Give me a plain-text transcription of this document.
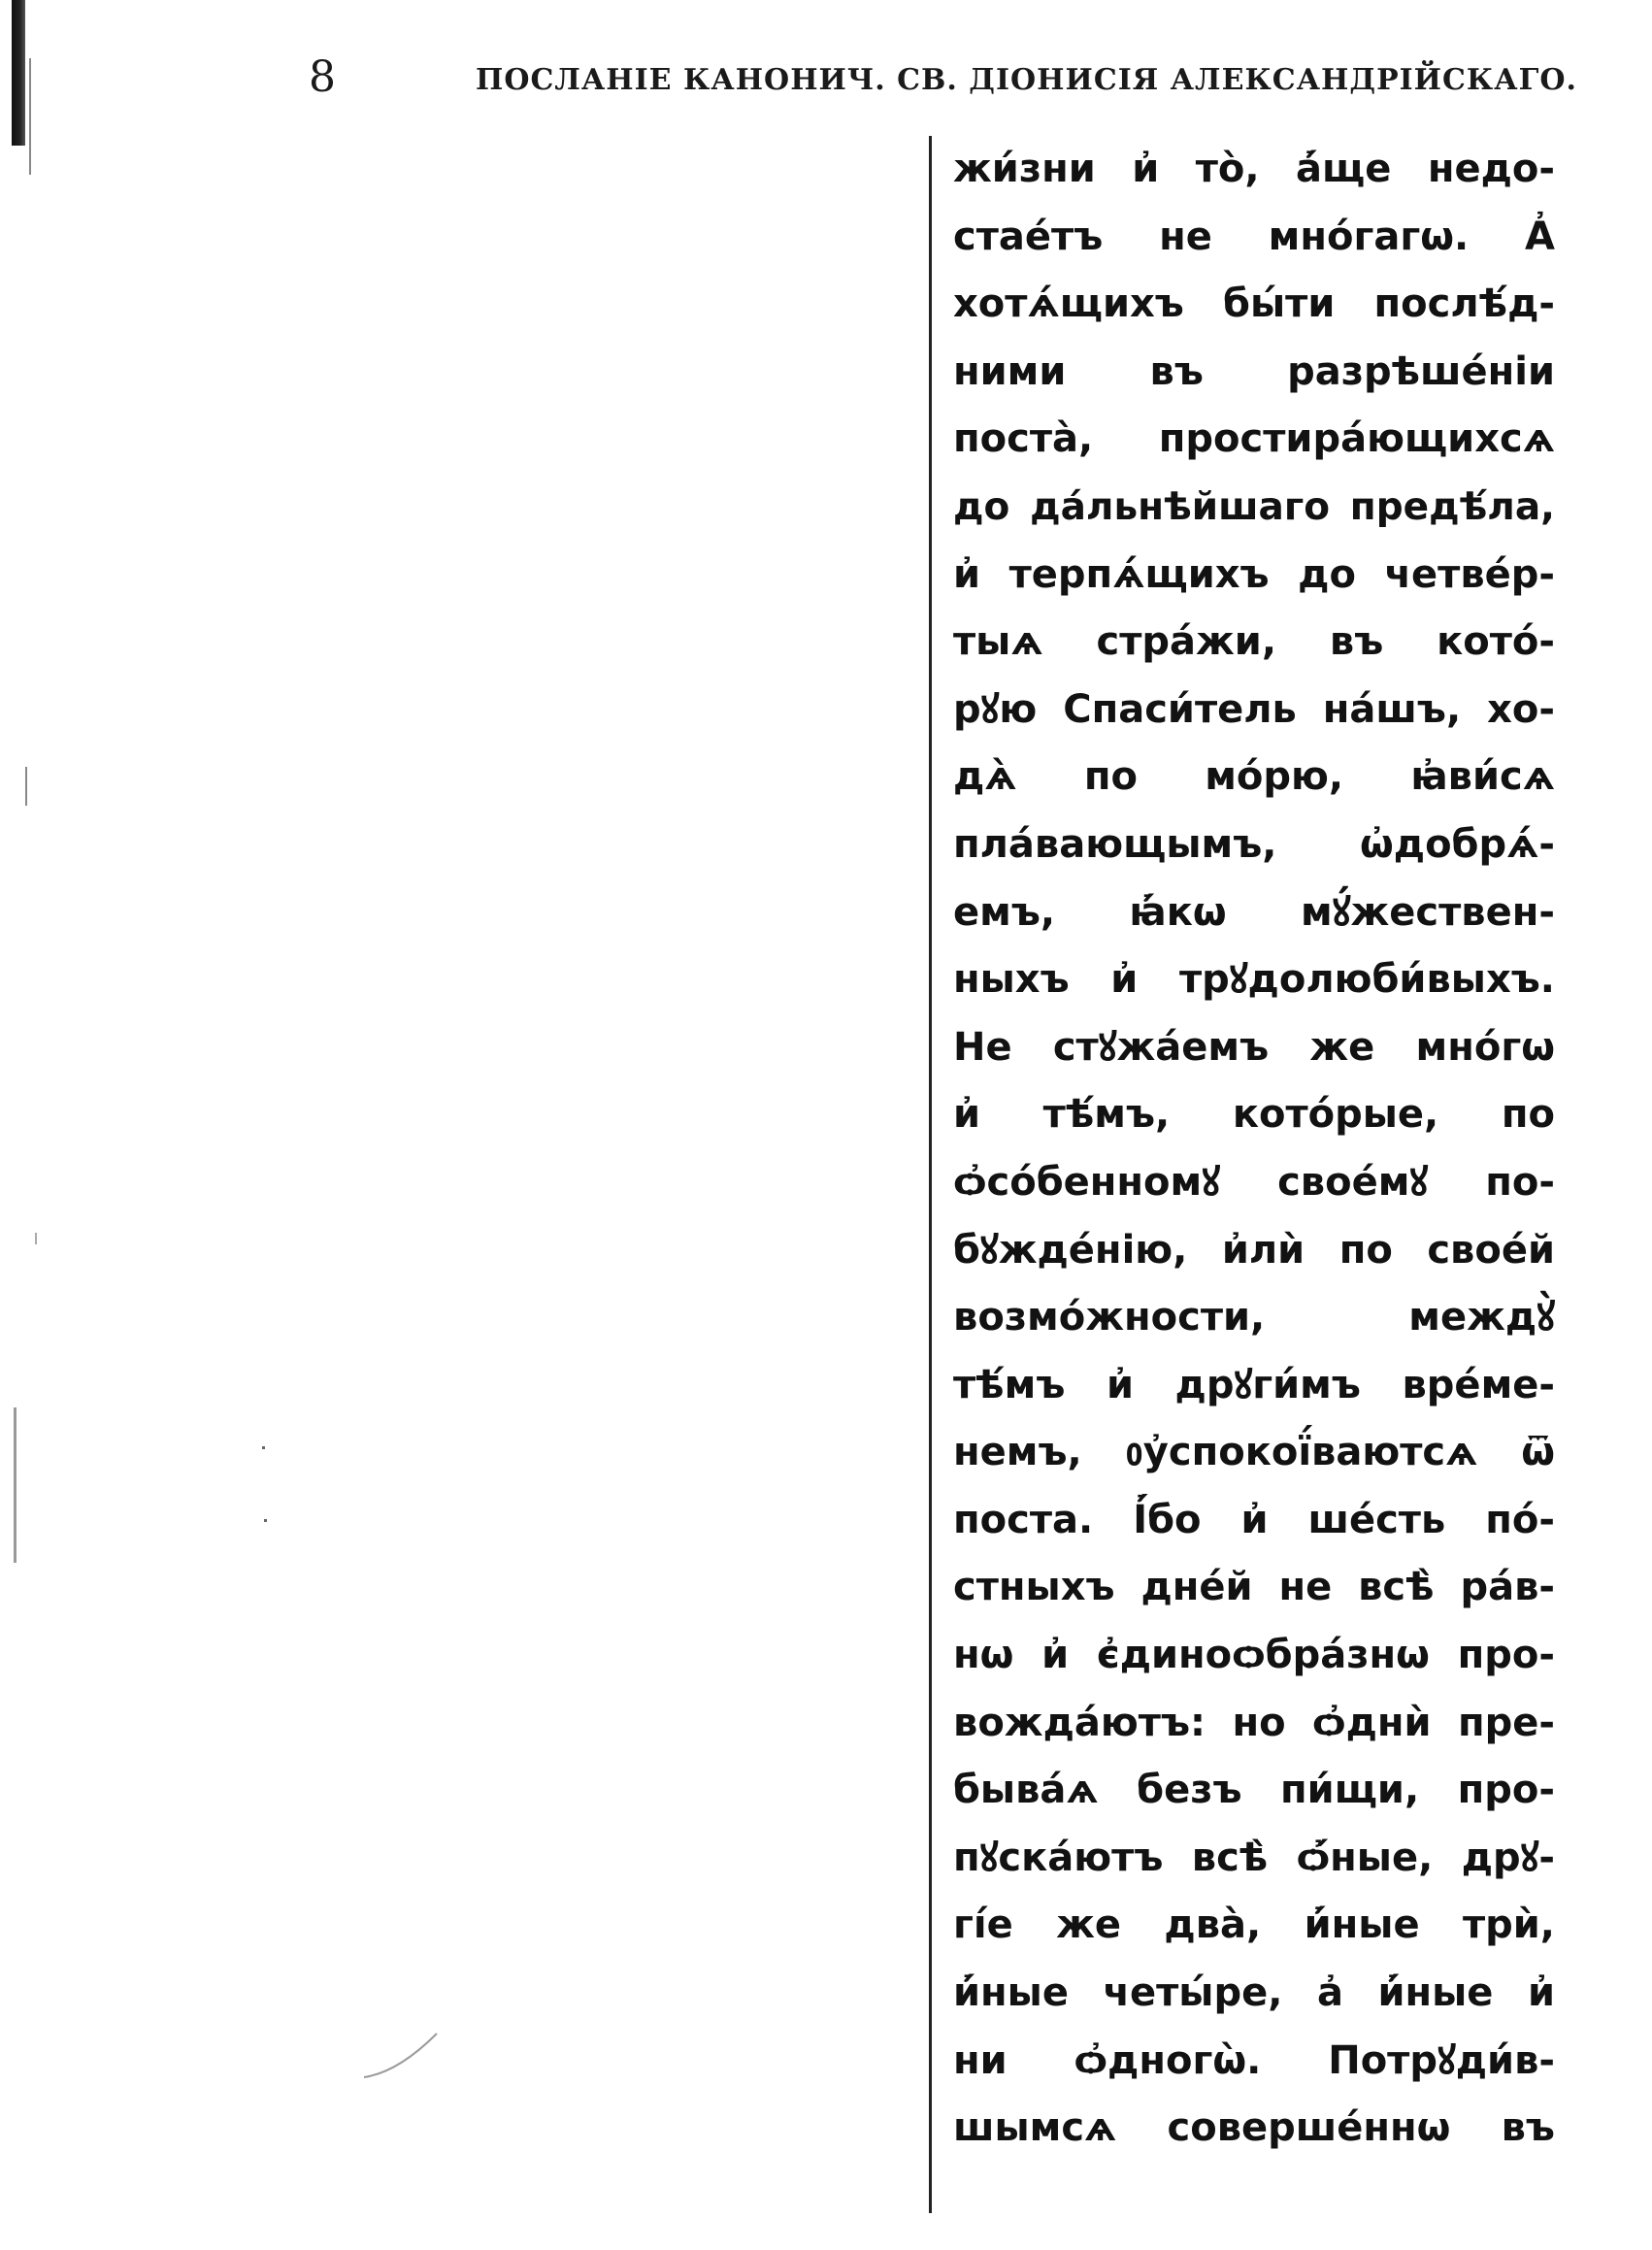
8	ПОСЛАНІЕ КАНОНИЧ. СВ. ДІОНИСІЯ АЛЕКСАНДРІЙСКАГО.
жи́зни и҆ то̀, а҆́ще недо-
стае́тъ не мно́гагѡ. А҆
хотѧ́щихъ бы́ти послѣ́д-
ними въ разрѣше́ніи
поста̀, простира́ющихсѧ
до да́льнѣйшаго предѣ́ла,
и҆ терпѧ́щихъ до четве́р-
тыѧ стра́жи, въ кото́-
рꙋю Спаси́тель на́шъ, хо-
дѧ̀ по мо́рю, ꙗ҆ви́сѧ
пла́вающымъ, ѡ҆добрѧ́-
емъ, ꙗ҆́кѡ мꙋ́жествен-
ныхъ и҆ трꙋдолюби́выхъ.
Не стꙋжа́емъ же мно́гѡ
и҆ тѣ́мъ, кото́рые, по
ѻ҆со́бенномꙋ свое́мꙋ по-
бꙋжде́нію, и҆лѝ по свое́й
возмо́жности, междꙋ̀
тѣ́мъ и҆ дрꙋги́мъ вре́ме-
немъ, ᲂу҆спокої́ваютсѧ ѿ
поста. І҆́бо и҆ ше́сть по́-
стныхъ дне́й не всѣ̀ ра́в-
нѡ и҆ є҆диноѻбра́знѡ про-
вожда́ютъ: но ѻ҆днѝ пре-
быва́ѧ безъ пи́щи, про-
пꙋска́ютъ всѣ̀ ѻ҆́ные, дрꙋ-
гі́е же два̀, и҆́ные трѝ,
и҆́ные четы́ре, а҆ и҆́ные и҆
ни ѻ҆дногѡ̀. Потрꙋди́в-
шымсѧ соверше́ннѡ въ
